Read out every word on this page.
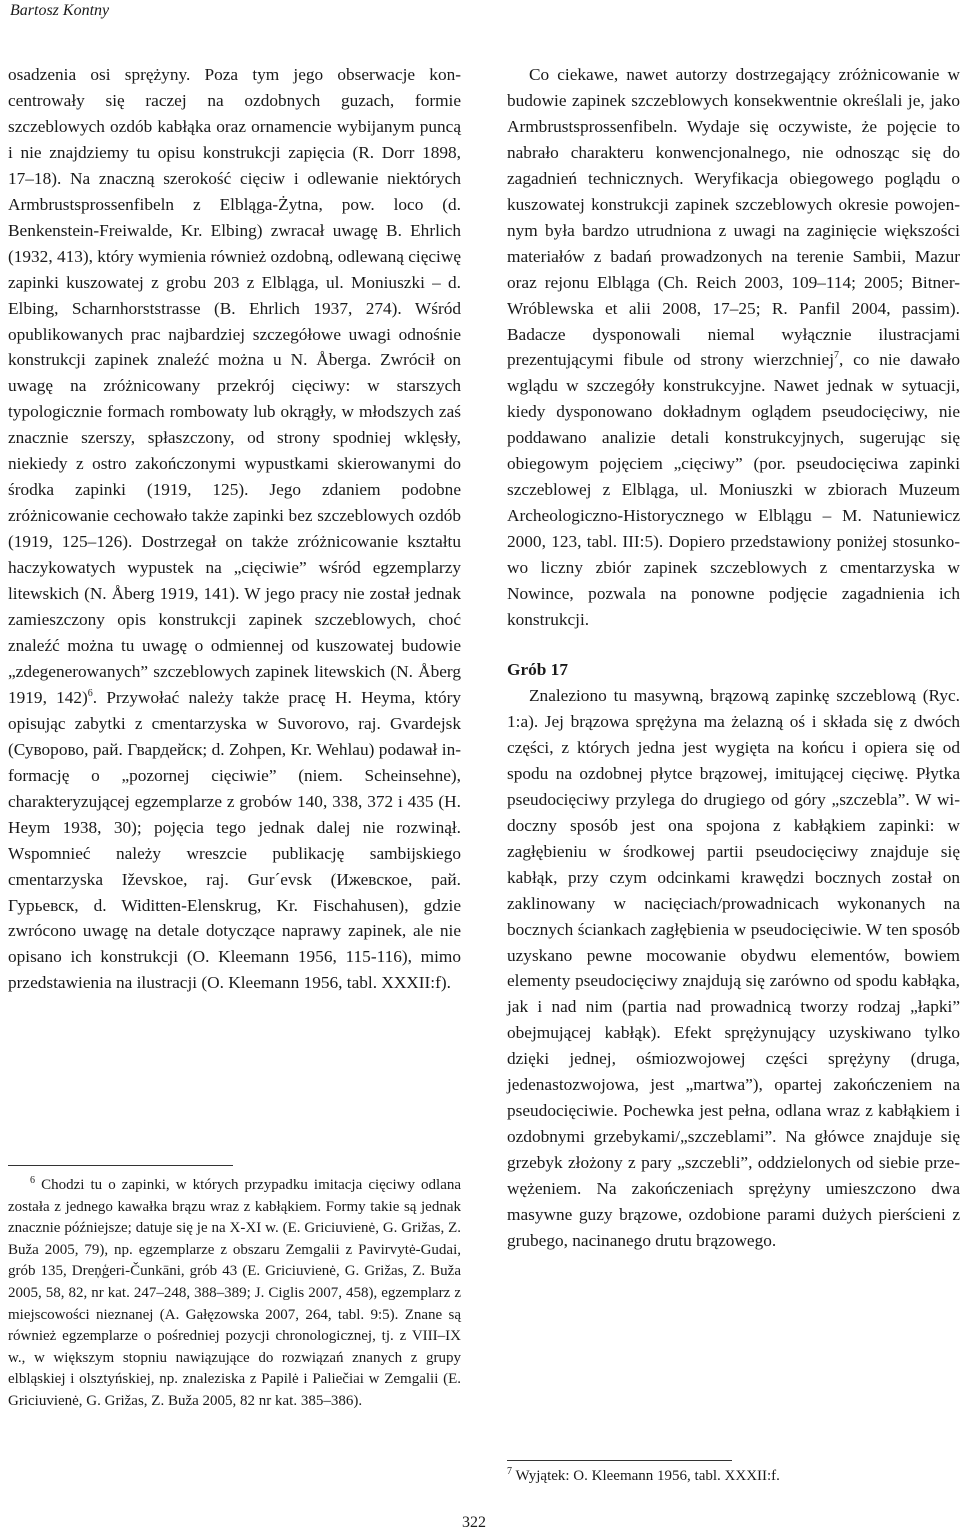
Bartosz Kontny

osadzenia osi sprężyny. Poza tym jego obserwacje koncentrowały się raczej na ozdobnych guzach, formie szczeblowych ozdób kabłąka oraz ornamencie wybijanym puncą i nie znajdziemy tu opisu konstrukcji zapięcia (R. Dorr 1898, 17–18). Na znaczną szerokość cięciw i odlewanie niektórych Armbrustsprossenfibeln z Elbląga-Żytna, pow. loco (d. Benkenstein-Freiwalde, Kr. Elbing) zwracał uwagę B. Ehrlich (1932, 413), który wymienia również ozdobną, odlewaną cięciwę zapinki kuszowatej z grobu 203 z Elbląga, ul. Moniuszki – d. Elbing, Scharnhorststrasse (B. Ehrlich 1937, 274). Wśród opublikowanych prac najbardziej szczegółowe uwagi odnośnie konstrukcji zapinek znaleźć można u N. Åberga. Zwrócił on uwagę na zróżnicowany przekrój cięciwy: w starszych typologicznie formach rombowaty lub okrągły, w młodszych zaś znacznie szerszy, spłaszczony, od strony spodniej wklęsły, niekiedy z ostro zakończonymi wypustkami skierowanymi do środka zapinki (1919, 125). Jego zdaniem podobne zróżnicowanie cechowało także zapinki bez szczeblowych ozdób (1919, 125–126). Dostrzegał on także zróżnicowanie kształtu haczykowatych wypustek na „cięciwie” wśród egzemplarzy litewskich (N. Åberg 1919, 141). W jego pracy nie został jednak zamieszczony opis konstrukcji zapinek szczeblowych, choć znaleźć można tu uwagę o odmiennej od kuszowatej budowie „zdegenerowanych” szczeblowych zapinek litewskich (N. Åberg 1919, 142)$^6$. Przywołać należy także pracę H. Heyma, który opisując zabytki z cmentarzyska w Suvorovo, raj. Gvardejsk (Суворово, рай. Гвардейск; d. Zohpen, Kr. Wehlau) podawał informację o „pozornej cięciwie” (niem. Scheinsehne), charakteryzującej egzemplarze z grobów 140, 338, 372 i 435 (H. Heym 1938, 30); pojęcia tego jednak dalej nie rozwinął. Wspomnieć należy wreszcie publikację sambijskiego cmentarzyska Iževskoe, raj. Gur´evsk (Ижевское, рай. Гурьевск, d. Widitten-Elenskrug, Kr. Fischahusen), gdzie zwrócono uwagę na detale dotyczące naprawy zapinek, ale nie opisano ich konstrukcji (O. Kleemann 1956, 115-116), mimo przedstawienia na ilustracji (O. Kleemann 1956, tabl. XXXII:f).

Co ciekawe, nawet autorzy dostrzegający zróżnicowanie w budowie zapinek szczeblowych konsekwentnie określali je, jako Armbrustsprossenfibeln. Wydaje się oczywiste, że pojęcie to nabrało charakteru konwencjonalnego, nie odnosząc się do zagadnień technicznych. Weryfikacja obiegowego poglądu o kuszowatej konstrukcji zapinek szczeblowych okresie powojennym była bardzo utrudniona z uwagi na zaginięcie większości materiałów z badań prowadzonych na terenie Sambii, Mazur oraz rejonu Elbląga (Ch. Reich 2003, 109–114; 2005; Bitner-Wróblewska et alii 2008, 17–25; R. Panfil 2004, passim). Badacze dysponowali niemal wyłącznie ilustracjami prezentującymi fibule od strony wierzchniej$^7$, co nie dawało wglądu w szczegóły konstrukcyjne. Nawet jednak w sytuacji, kiedy dysponowano dokładnym oglądem pseudocięciwy, nie poddawano analizie detali konstrukcyjnych, sugerując się obiegowym pojęciem „cięciwy” (por. pseudocięciwa zapinki szczeblowej z Elbląga, ul. Moniuszki w zbiorach Muzeum Archeologiczno-Historycznego w Elblągu – M. Natuniewicz 2000, 123, tabl. III:5). Dopiero przedstawiony poniżej stosunkowo liczny zbiór zapinek szczeblowych z cmentarzyska w Nowince, pozwala na ponowne podjęcie zagadnienia ich konstrukcji.

Grób 17

Znaleziono tu masywną, brązową zapinkę szczeblową (Ryc. 1:a). Jej brązowa sprężyna ma żelazną oś i składa się z dwóch części, z których jedna jest wygięta na końcu i opiera się od spodu na ozdobnej płytce brązowej, imitującej cięciwę. Płytka pseudocięciwy przylega do drugiego od góry „szczebla”. W widoczny sposób jest ona spojona z kabłąkiem zapinki: w zagłębieniu w środkowej partii pseudocięciwy znajduje się kabłąk, przy czym odcinkami krawędzi bocznych został on zaklinowany w nacięciach/prowadnicach wykonanych na bocznych ściankach zagłębienia w pseudocięciwie. W ten sposób uzyskano pewne mocowanie obydwu elementów, bowiem elementy pseudocięciwy znajdują się zarówno od spodu kabłąka, jak i nad nim (partia nad prowadnicą tworzy rodzaj „łapki” obejmującej kabłąk). Efekt sprężynujący uzyskiwano tylko dzięki jednej, ośmiozwojowej części sprężyny (druga, jedenastozwojowa, jest „martwa”), opartej zakończeniem na pseudocięciwie. Pochewka jest pełna, odlana wraz z kabłąkiem i ozdobnymi grzebykami/„szczeblami”. Na główce znajduje się grzebyk złożony z pary „szczebli”, oddzielonych od siebie przewężeniem. Na zakończeniach sprężyny umieszczono dwa masywne guzy brązowe, ozdobione parami dużych pierścieni z grubego, nacinanego drutu brązowego.

$^6$ Chodzi tu o zapinki, w których przypadku imitacja cięciwy odlana została z jednego kawałka brązu wraz z kabłąkiem. Formy takie są jednak znacznie późniejsze; datuje się je na X-XI w. (E. Griciuvienė, G. Grižas, Z. Buža 2005, 79), np. egzemplarze z obszaru Zemgalii z Pavirvytė-Gudai, grób 135, Dreņģeri-Čunkāni, grób 43 (E. Griciuvienė, G. Grižas, Z. Buža 2005, 58, 82, nr kat. 247–248, 388–389; J. Ciglis 2007, 458), egzemplarz z miejscowości nieznanej (A. Gałęzowska 2007, 264, tabl. 9:5). Znane są również egzemplarze o pośredniej pozycji chronologicznej, tj. z VIII–IX w., w większym stopniu nawiązujące do rozwiązań znanych z grupy elbląskiej i olsztyńskiej, np. znaleziska z Papilė i Paliečiai w Zemgalii (E. Griciuvienė, G. Grižas, Z. Buža 2005, 82 nr kat. 385–386).

$^7$ Wyjątek: O. Kleemann 1956, tabl. XXXII:f.

322
